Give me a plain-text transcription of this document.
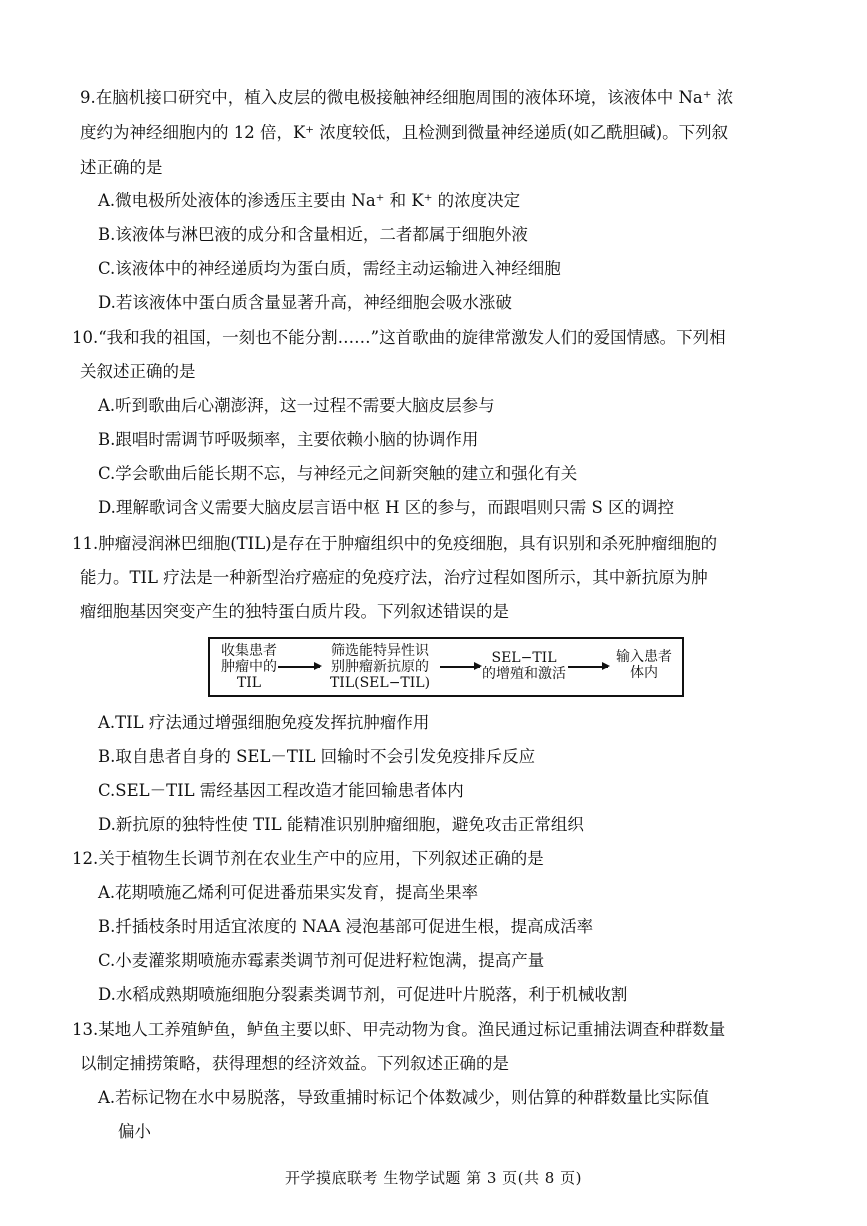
9.在脑机接口研究中，植入皮层的微电极接触神经细胞周围的液体环境，该液体中 Na⁺ 浓
度约为神经细胞内的 12 倍，K⁺ 浓度较低，且检测到微量神经递质(如乙酰胆碱)。下列叙
述正确的是
A.微电极所处液体的渗透压主要由 Na⁺ 和 K⁺ 的浓度决定
B.该液体与淋巴液的成分和含量相近，二者都属于细胞外液
C.该液体中的神经递质均为蛋白质，需经主动运输进入神经细胞
D.若该液体中蛋白质含量显著升高，神经细胞会吸水涨破
10.“我和我的祖国，一刻也不能分割……”这首歌曲的旋律常激发人们的爱国情感。下列相
关叙述正确的是
A.听到歌曲后心潮澎湃，这一过程不需要大脑皮层参与
B.跟唱时需调节呼吸频率，主要依赖小脑的协调作用
C.学会歌曲后能长期不忘，与神经元之间新突触的建立和强化有关
D.理解歌词含义需要大脑皮层言语中枢 H 区的参与，而跟唱则只需 S 区的调控
11.肿瘤浸润淋巴细胞(TIL)是存在于肿瘤组织中的免疫细胞，具有识别和杀死肿瘤细胞的
能力。TIL 疗法是一种新型治疗癌症的免疫疗法，治疗过程如图所示，其中新抗原为肿
瘤细胞基因突变产生的独特蛋白质片段。下列叙述错误的是
收集患者
肿瘤中的
TIL
筛选能特异性识
别肿瘤新抗原的
TIL(SEL−TIL)
SEL−TIL
的增殖和激活
输入患者
体内
A.TIL 疗法通过增强细胞免疫发挥抗肿瘤作用
B.取自患者自身的 SEL－TIL 回输时不会引发免疫排斥反应
C.SEL－TIL 需经基因工程改造才能回输患者体内
D.新抗原的独特性使 TIL 能精准识别肿瘤细胞，避免攻击正常组织
12.关于植物生长调节剂在农业生产中的应用，下列叙述正确的是
A.花期喷施乙烯利可促进番茄果实发育，提高坐果率
B.扦插枝条时用适宜浓度的 NAA 浸泡基部可促进生根，提高成活率
C.小麦灌浆期喷施赤霉素类调节剂可促进籽粒饱满，提高产量
D.水稻成熟期喷施细胞分裂素类调节剂，可促进叶片脱落，利于机械收割
13.某地人工养殖鲈鱼，鲈鱼主要以虾、甲壳动物为食。渔民通过标记重捕法调查种群数量
以制定捕捞策略，获得理想的经济效益。下列叙述正确的是
A.若标记物在水中易脱落，导致重捕时标记个体数减少，则估算的种群数量比实际值
偏小
开学摸底联考 生物学试题 第 3 页(共 8 页)
